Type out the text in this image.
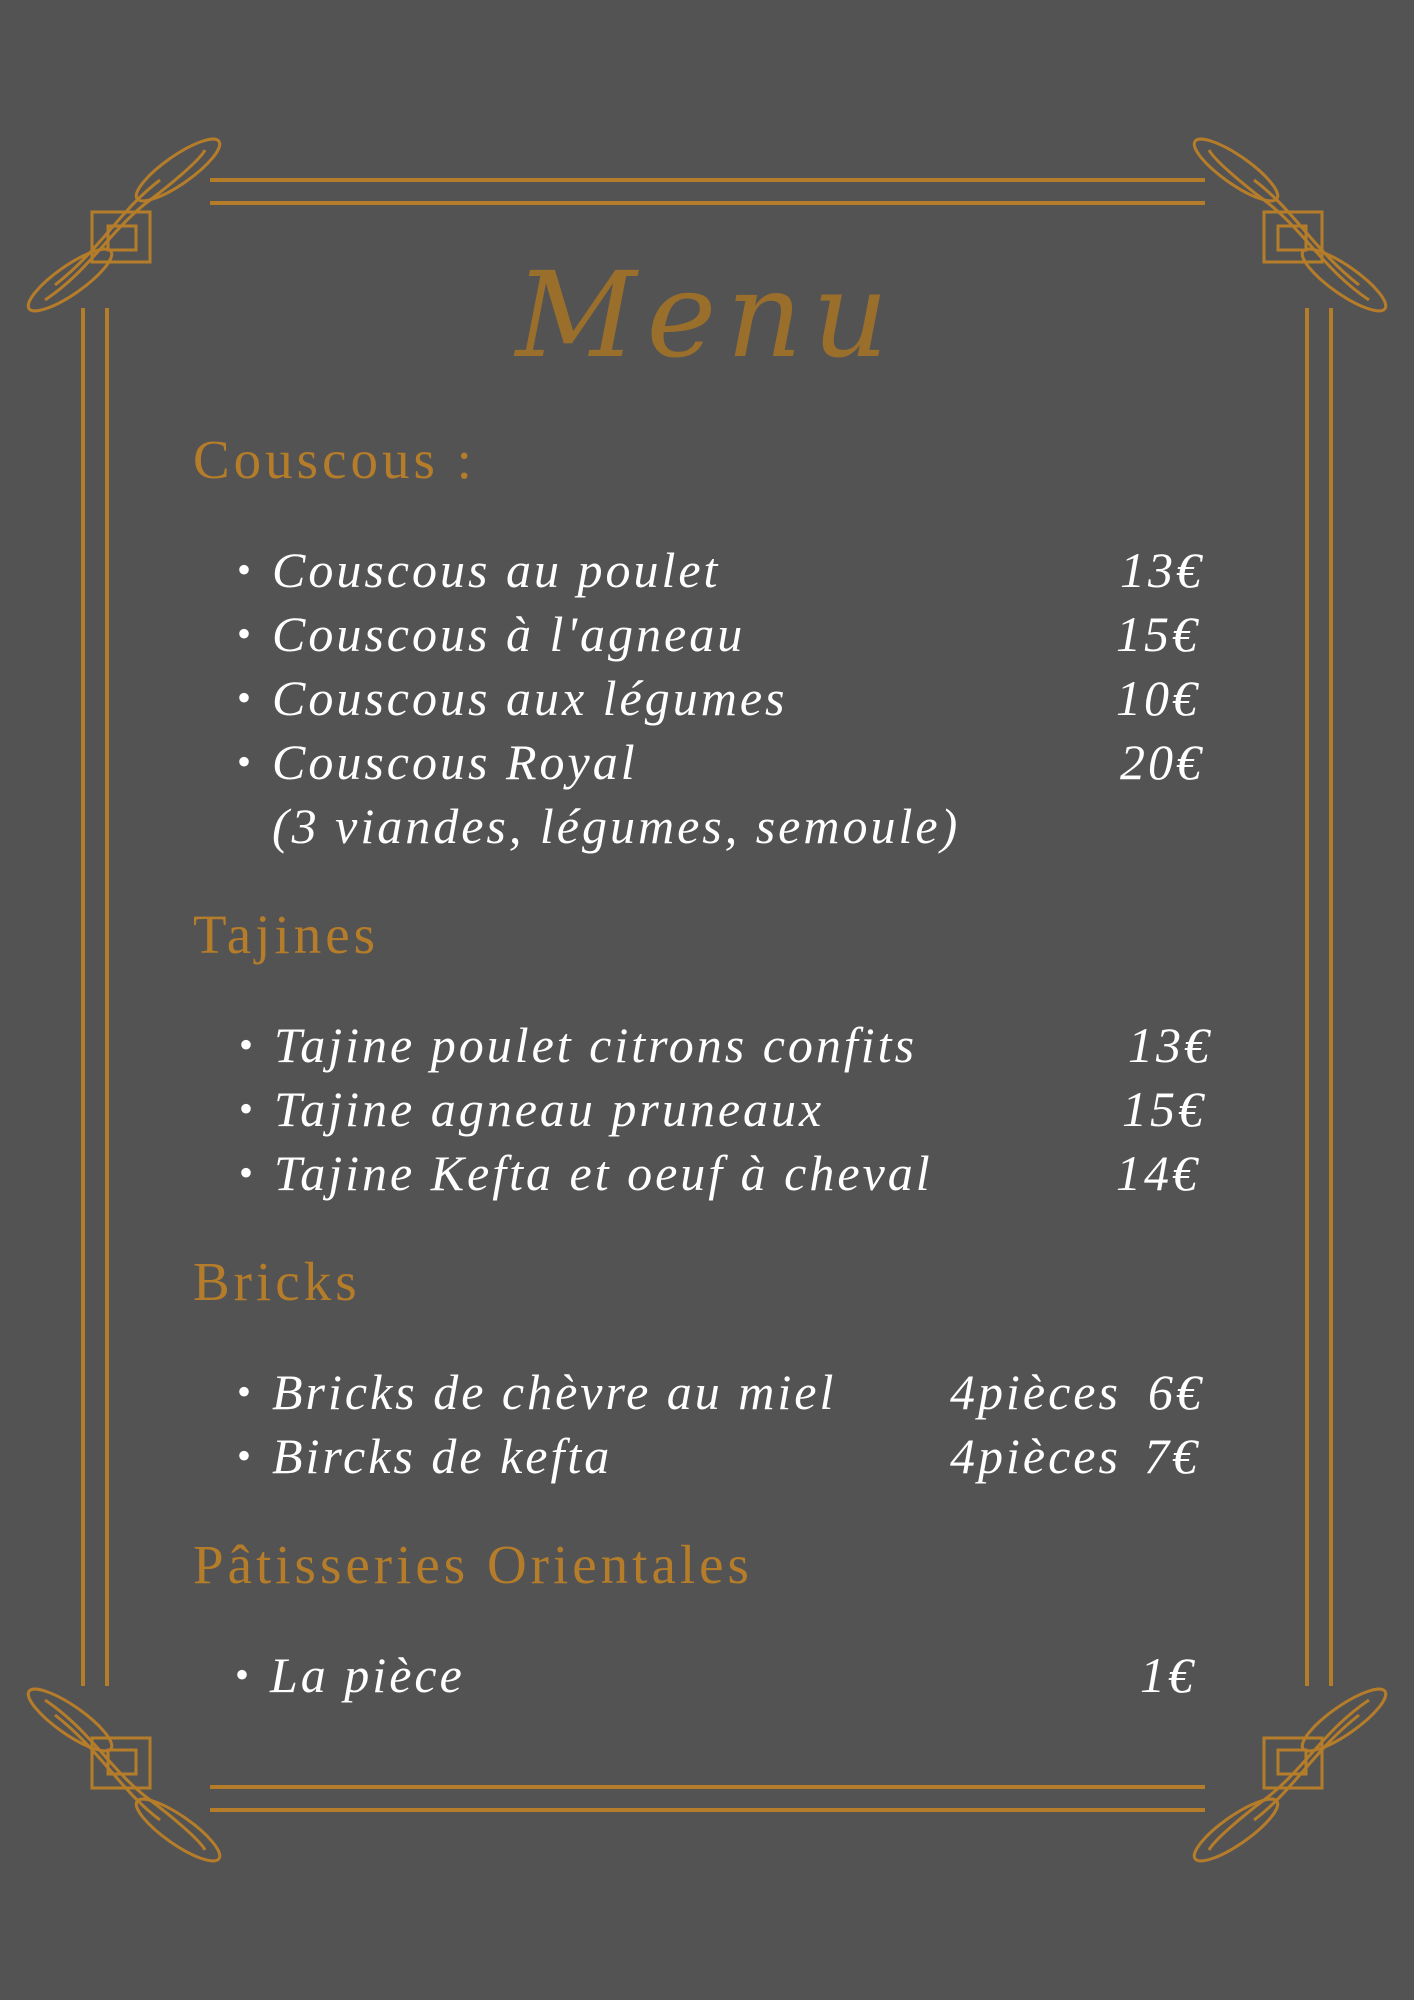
Menu
Couscous :
• Couscous au poulet	13€
• Couscous à l'agneau	15€
• Couscous aux légumes	10€
• Couscous Royal	20€
(3 viandes, légumes, semoule)
Tajines
• Tajine poulet citrons confits	13€
• Tajine agneau pruneaux	15€
• Tajine Kefta et oeuf à cheval	14€
Bricks
• Bricks de chèvre au miel 4pièces 6€
• Bircks de kefta	4pièces 7€
Pâtisseries Orientales
• La pièce	1€
